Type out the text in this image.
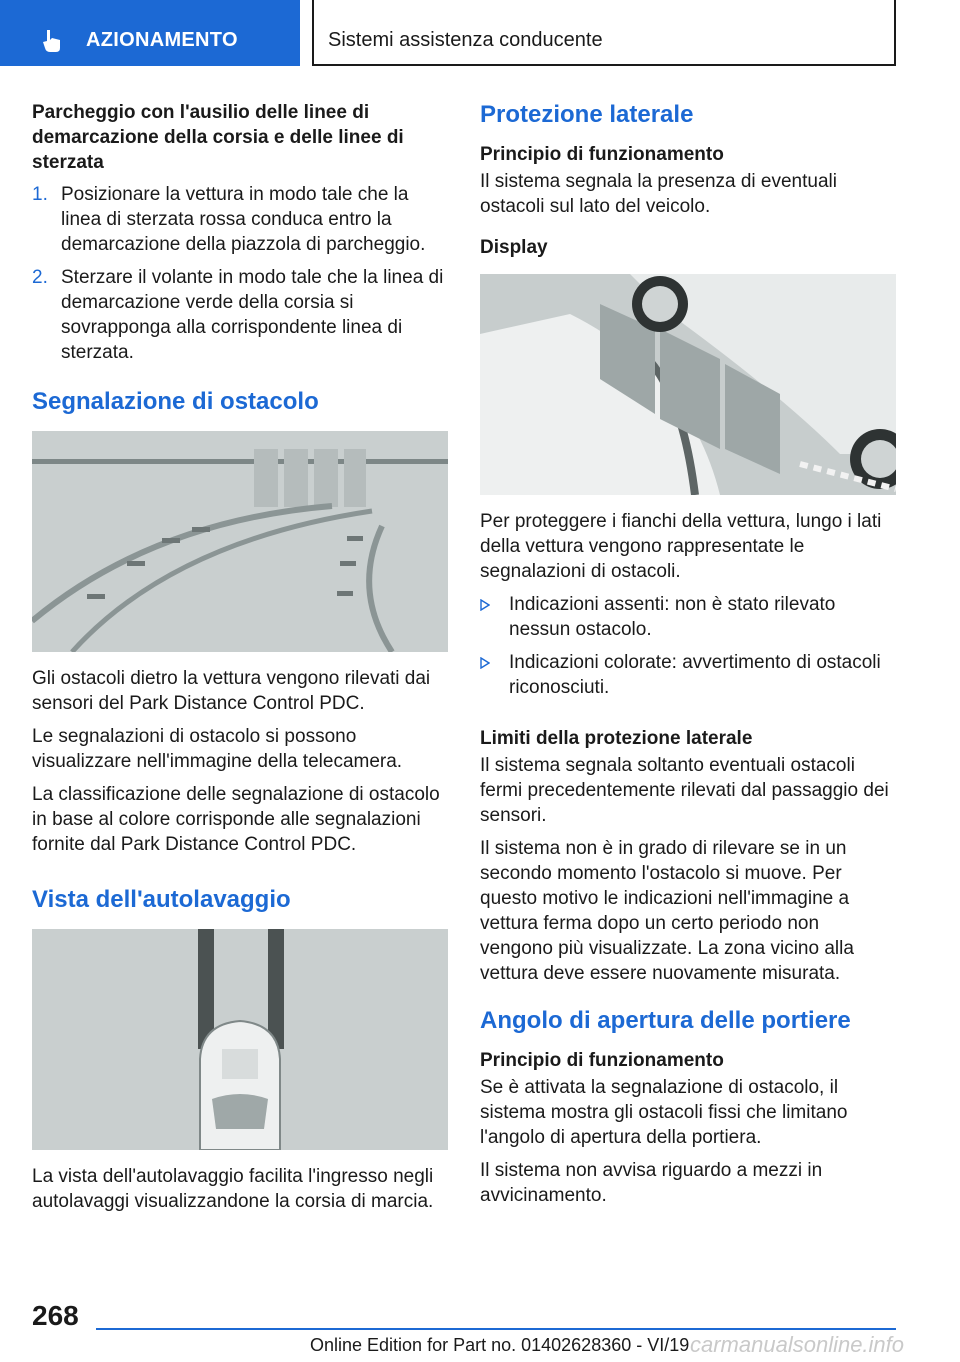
AZIONAMENTO	Sistemi assistenza conducente
Parcheggio con l'ausilio delle linee di demarcazione della corsia e delle linee di sterzata
1. Posizionare la vettura in modo tale che la linea di sterzata rossa conduca entro la demarcazione della piazzola di parcheggio.
2. Sterzare il volante in modo tale che la linea di demarcazione verde della corsia si sovrapponga alla corrispondente linea di sterzata.
Segnalazione di ostacolo
Gli ostacoli dietro la vettura vengono rilevati dai sensori del Park Distance Control PDC.
Le segnalazioni di ostacolo si possono visualizzare nell'immagine della telecamera.
La classificazione delle segnalazione di ostacolo in base al colore corrisponde alle segnalazioni fornite dal Park Distance Control PDC.
Vista dell'autolavaggio
La vista dell'autolavaggio facilita l'ingresso negli autolavaggi visualizzandone la corsia di marcia.
Protezione laterale
Principio di funzionamento
Il sistema segnala la presenza di eventuali ostacoli sul lato del veicolo.
Display
Per proteggere i fianchi della vettura, lungo i lati della vettura vengono rappresentate le segnalazioni di ostacoli.
Indicazioni assenti: non è stato rilevato nessun ostacolo.
Indicazioni colorate: avvertimento di ostacoli riconosciuti.
Limiti della protezione laterale
Il sistema segnala soltanto eventuali ostacoli fermi precedentemente rilevati dal passaggio dei sensori.
Il sistema non è in grado di rilevare se in un secondo momento l'ostacolo si muove. Per questo motivo le indicazioni nell'immagine a vettura ferma dopo un certo periodo non vengono più visualizzate. La zona vicino alla vettura deve essere nuovamente misurata.
Angolo di apertura delle portiere
Principio di funzionamento
Se è attivata la segnalazione di ostacolo, il sistema mostra gli ostacoli fissi che limitano l'angolo di apertura della portiera.
Il sistema non avvisa riguardo a mezzi in avvicinamento.
268
Online Edition for Part no. 01402628360 - VI/19 carmanualsonline.info
